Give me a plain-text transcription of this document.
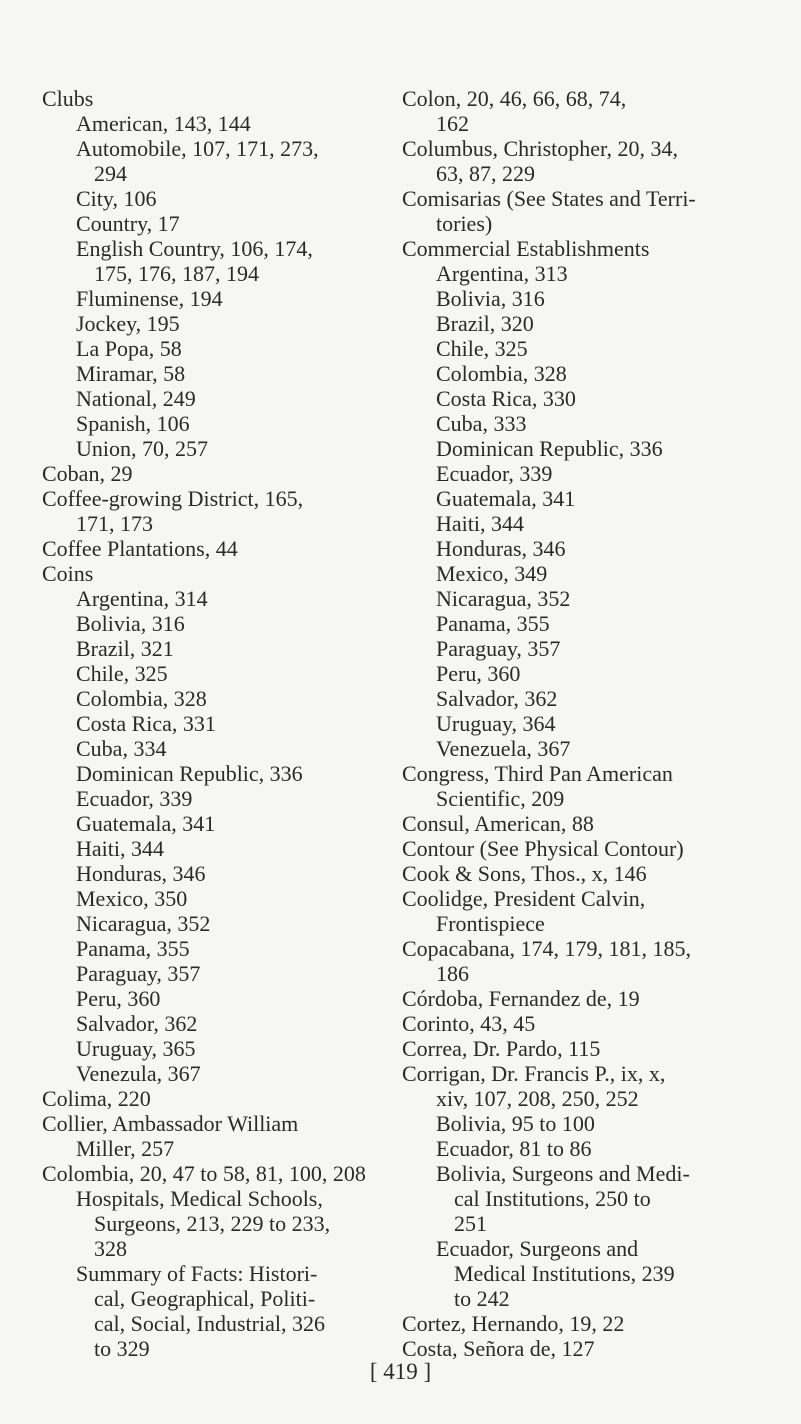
Clubs
American, 143, 144
Automobile, 107, 171, 273,
294
City, 106
Country, 17
English Country, 106, 174,
175, 176, 187, 194
Fluminense, 194
Jockey, 195
La Popa, 58
Miramar, 58
National, 249
Spanish, 106
Union, 70, 257
Coban, 29
Coffee-growing District, 165,
171, 173
Coffee Plantations, 44
Coins
Argentina, 314
Bolivia, 316
Brazil, 321
Chile, 325
Colombia, 328
Costa Rica, 331
Cuba, 334
Dominican Republic, 336
Ecuador, 339
Guatemala, 341
Haiti, 344
Honduras, 346
Mexico, 350
Nicaragua, 352
Panama, 355
Paraguay, 357
Peru, 360
Salvador, 362
Uruguay, 365
Venezula, 367
Colima, 220
Collier, Ambassador William
Miller, 257
Colombia, 20, 47 to 58, 81, 100, 208
Hospitals, Medical Schools,
Surgeons, 213, 229 to 233,
328
Summary of Facts: Histori-
cal, Geographical, Politi-
cal, Social, Industrial, 326
to 329
Colon, 20, 46, 66, 68, 74,
162
Columbus, Christopher, 20, 34,
63, 87, 229
Comisarias (See States and Terri-
tories)
Commercial Establishments
Argentina, 313
Bolivia, 316
Brazil, 320
Chile, 325
Colombia, 328
Costa Rica, 330
Cuba, 333
Dominican Republic, 336
Ecuador, 339
Guatemala, 341
Haiti, 344
Honduras, 346
Mexico, 349
Nicaragua, 352
Panama, 355
Paraguay, 357
Peru, 360
Salvador, 362
Uruguay, 364
Venezuela, 367
Congress, Third Pan American
Scientific, 209
Consul, American, 88
Contour (See Physical Contour)
Cook & Sons, Thos., x, 146
Coolidge, President Calvin,
Frontispiece
Copacabana, 174, 179, 181, 185,
186
Córdoba, Fernandez de, 19
Corinto, 43, 45
Correa, Dr. Pardo, 115
Corrigan, Dr. Francis P., ix, x,
xiv, 107, 208, 250, 252
Bolivia, 95 to 100
Ecuador, 81 to 86
Bolivia, Surgeons and Medi-
cal Institutions, 250 to
251
Ecuador, Surgeons and
Medical Institutions, 239
to 242
Cortez, Hernando, 19, 22
Costa, Señora de, 127
[ 419 ]
